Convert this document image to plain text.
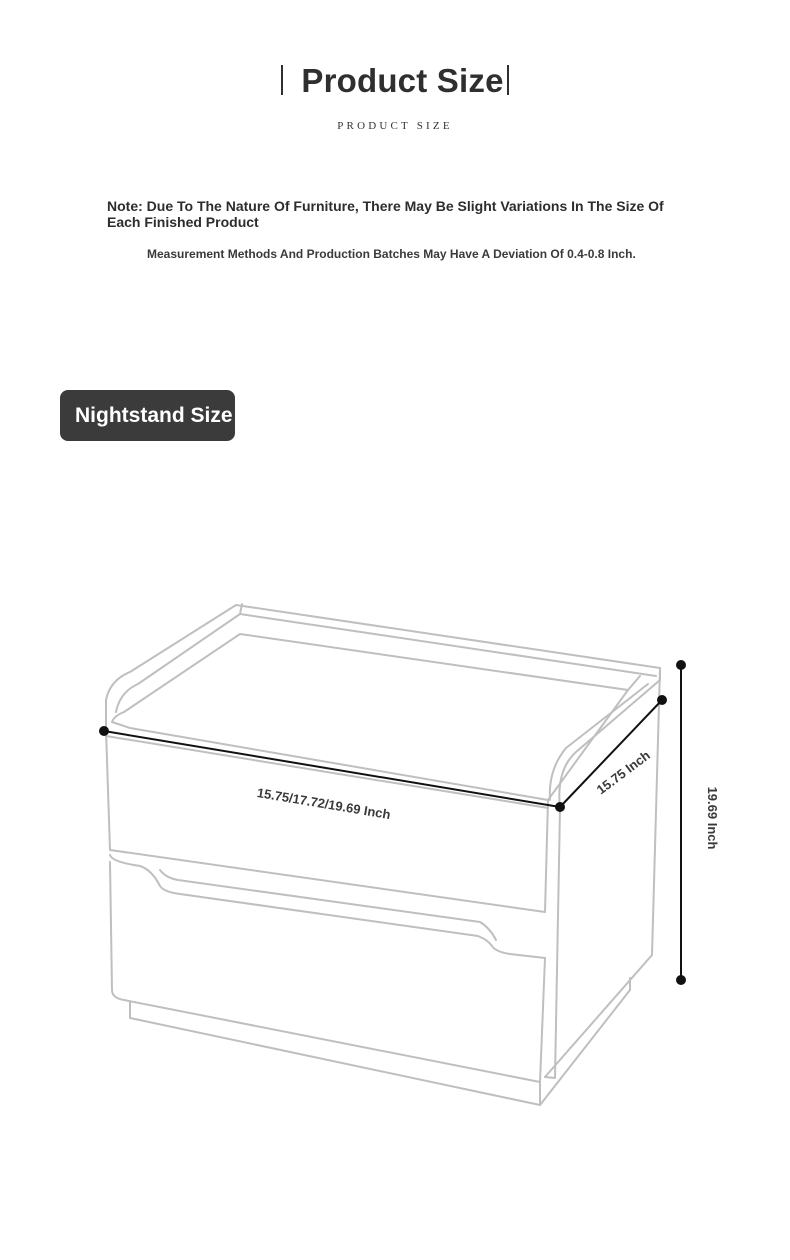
Product Size
PRODUCT SIZE
Note: Due To The Nature Of Furniture, There May Be Slight Variations In The Size Of Each Finished Product
Measurement Methods And Production Batches May Have A Deviation Of 0.4-0.8 Inch.
Nightstand Size
15.75/17.72/19.69 Inch
15.75 Inch
19.69 Inch
